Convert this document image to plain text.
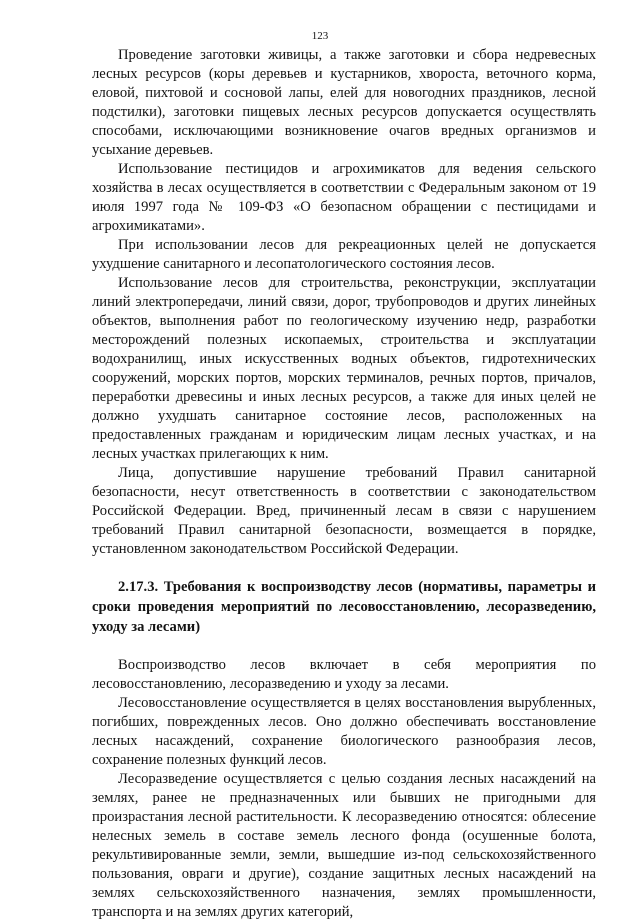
123

Проведение заготовки живицы, а также заготовки и сбора недревесных лесных ресурсов (коры деревьев и кустарников, хвороста, веточного корма, еловой, пихтовой и сосновой лапы, елей для новогодних праздников, лесной подстилки), заготовки пищевых лесных ресурсов допускается осуществлять способами, исключающими возникновение очагов вредных организмов и усыхание деревьев.

Использование пестицидов и агрохимикатов для ведения сельского хозяйства в лесах осуществляется в соответствии с Федеральным законом от 19 июля 1997 года № 109-ФЗ «О безопасном обращении с пестицидами и агрохимикатами».

При использовании лесов для рекреационных целей не допускается ухудшение санитарного и лесопатологического состояния лесов.

Использование лесов для строительства, реконструкции, эксплуатации линий электропередачи, линий связи, дорог, трубопроводов и других линейных объектов, выполнения работ по геологическому изучению недр, разработки месторождений полезных ископаемых, строительства и эксплуатации водохранилищ, иных искусственных водных объектов, гидротехнических сооружений, морских портов, морских терминалов, речных портов, причалов, переработки древесины и иных лесных ресурсов, а также для иных целей не должно ухудшать санитарное состояние лесов, расположенных на предоставленных гражданам и юридическим лицам лесных участках, и на лесных участках прилегающих к ним.

Лица, допустившие нарушение требований Правил санитарной безопасности, несут ответственность в соответствии с законодательством Российской Федерации. Вред, причиненный лесам в связи с нарушением требований Правил санитарной безопасности, возмещается в порядке, установленном законодательством Российской Федерации.

2.17.3. Требования к воспроизводству лесов (нормативы, параметры и сроки проведения мероприятий по лесовосстановлению, лесоразведению, уходу за лесами)

Воспроизводство лесов включает в себя мероприятия по лесовосстановлению, лесоразведению и уходу за лесами.

Лесовосстановление осуществляется в целях восстановления вырубленных, погибших, поврежденных лесов. Оно должно обеспечивать восстановление лесных насаждений, сохранение биологического разнообразия лесов, сохранение полезных функций лесов.

Лесоразведение осуществляется с целью создания лесных насаждений на землях, ранее не предназначенных или бывших не пригодными для произрастания лесной растительности. К лесоразведению относятся: облесение нелесных земель в составе земель лесного фонда (осушенные болота, рекультивированные земли, земли, вышедшие из-под сельскохозяйственного пользования, овраги и другие), создание защитных лесных насаждений на землях сельскохозяйственного назначения, землях промышленности, транспорта и на землях других категорий,
